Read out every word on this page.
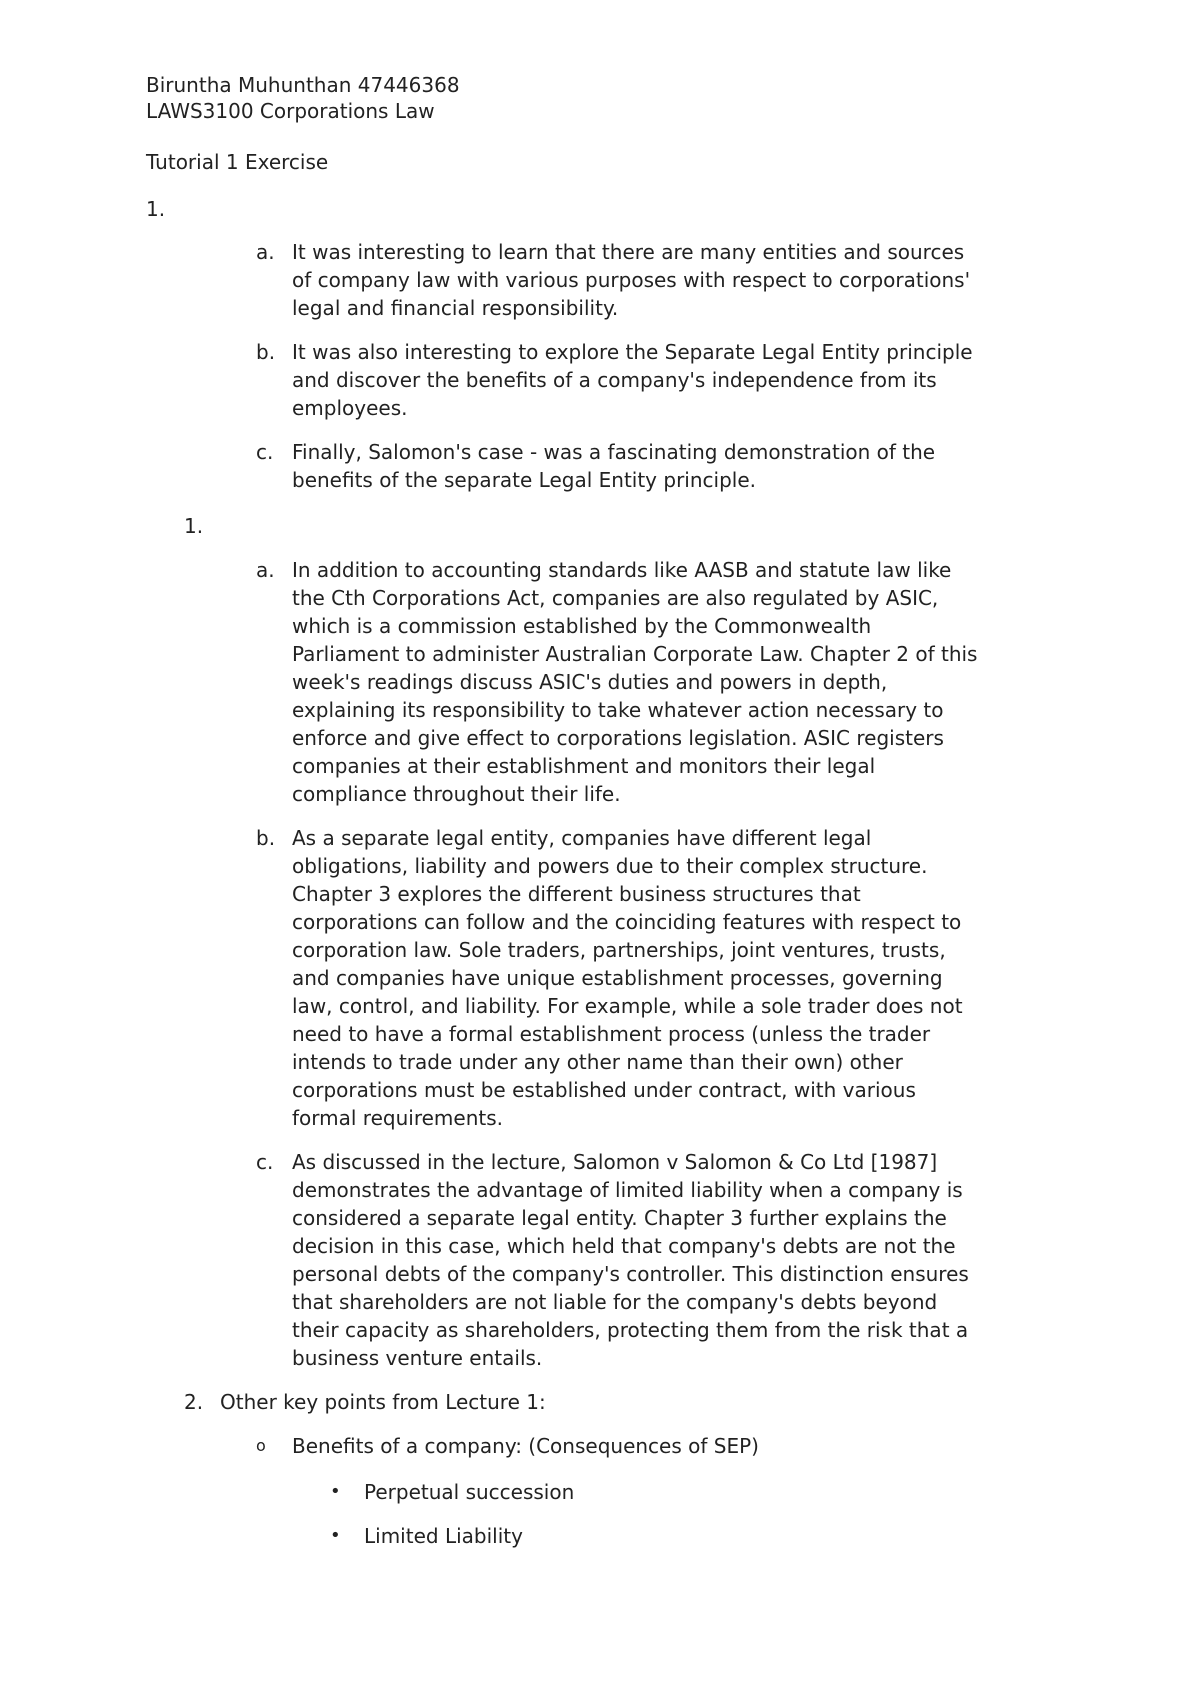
Biruntha Muhunthan 47446368
LAWS3100 Corporations Law
Tutorial 1 Exercise
1.
a. It was interesting to learn that there are many entities and sources

of company law with various purposes with respect to corporations'

legal and financial responsibility.

b. It was also interesting to explore the Separate Legal Entity principle

and discover the benefits of a company's independence from its

employees.

c. Finally, Salomon's case - was a fascinating demonstration of the

benefits of the separate Legal Entity principle.

1.
a. In addition to accounting standards like AASB and statute law like

the Cth Corporations Act, companies are also regulated by ASIC,

which is a commission established by the Commonwealth

Parliament to administer Australian Corporate Law. Chapter 2 of this

week's readings discuss ASIC's duties and powers in depth,

explaining its responsibility to take whatever action necessary to

enforce and give effect to corporations legislation. ASIC registers

companies at their establishment and monitors their legal

compliance throughout their life.

b. As a separate legal entity, companies have different legal

obligations, liability and powers due to their complex structure.

Chapter 3 explores the different business structures that

corporations can follow and the coinciding features with respect to

corporation law. Sole traders, partnerships, joint ventures, trusts,

and companies have unique establishment processes, governing

law, control, and liability. For example, while a sole trader does not

need to have a formal establishment process (unless the trader

intends to trade under any other name than their own) other

corporations must be established under contract, with various

formal requirements.

c. As discussed in the lecture, Salomon v Salomon & Co Ltd [1987]

demonstrates the advantage of limited liability when a company is

considered a separate legal entity. Chapter 3 further explains the

decision in this case, which held that company's debts are not the

personal debts of the company's controller. This distinction ensures

that shareholders are not liable for the company's debts beyond

their capacity as shareholders, protecting them from the risk that a

business venture entails.

2. Other key points from Lecture 1:
o	Benefits of a company: (Consequences of SEP)
•	Perpetual succession
•	Limited Liability
